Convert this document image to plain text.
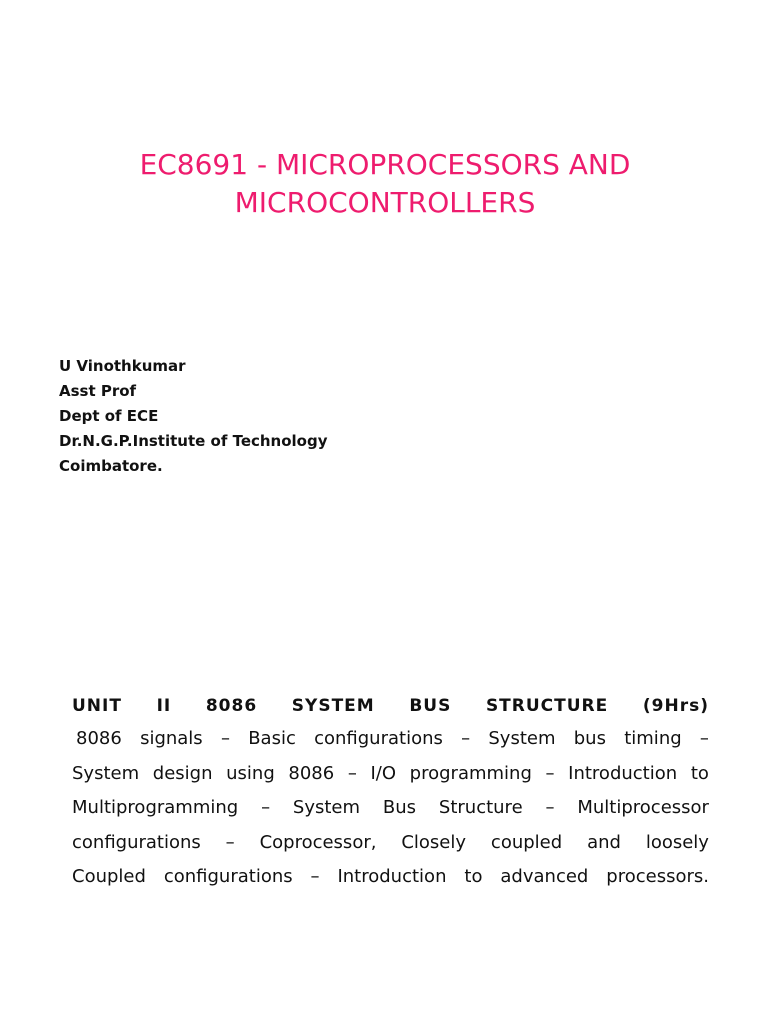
EC8691 - MICROPROCESSORS AND
MICROCONTROLLERS
U Vinothkumar
Asst Prof
Dept of ECE
Dr.N.G.P.Institute of Technology
Coimbatore.

UNIT II 8086 SYSTEM BUS STRUCTURE (9Hrs)

8086 signals – Basic configurations – System bus timing –
System design using 8086 – I/O programming – Introduction to
Multiprogramming – System Bus Structure – Multiprocessor
configurations – Coprocessor, Closely coupled and loosely
Coupled configurations – Introduction to advanced processors.
